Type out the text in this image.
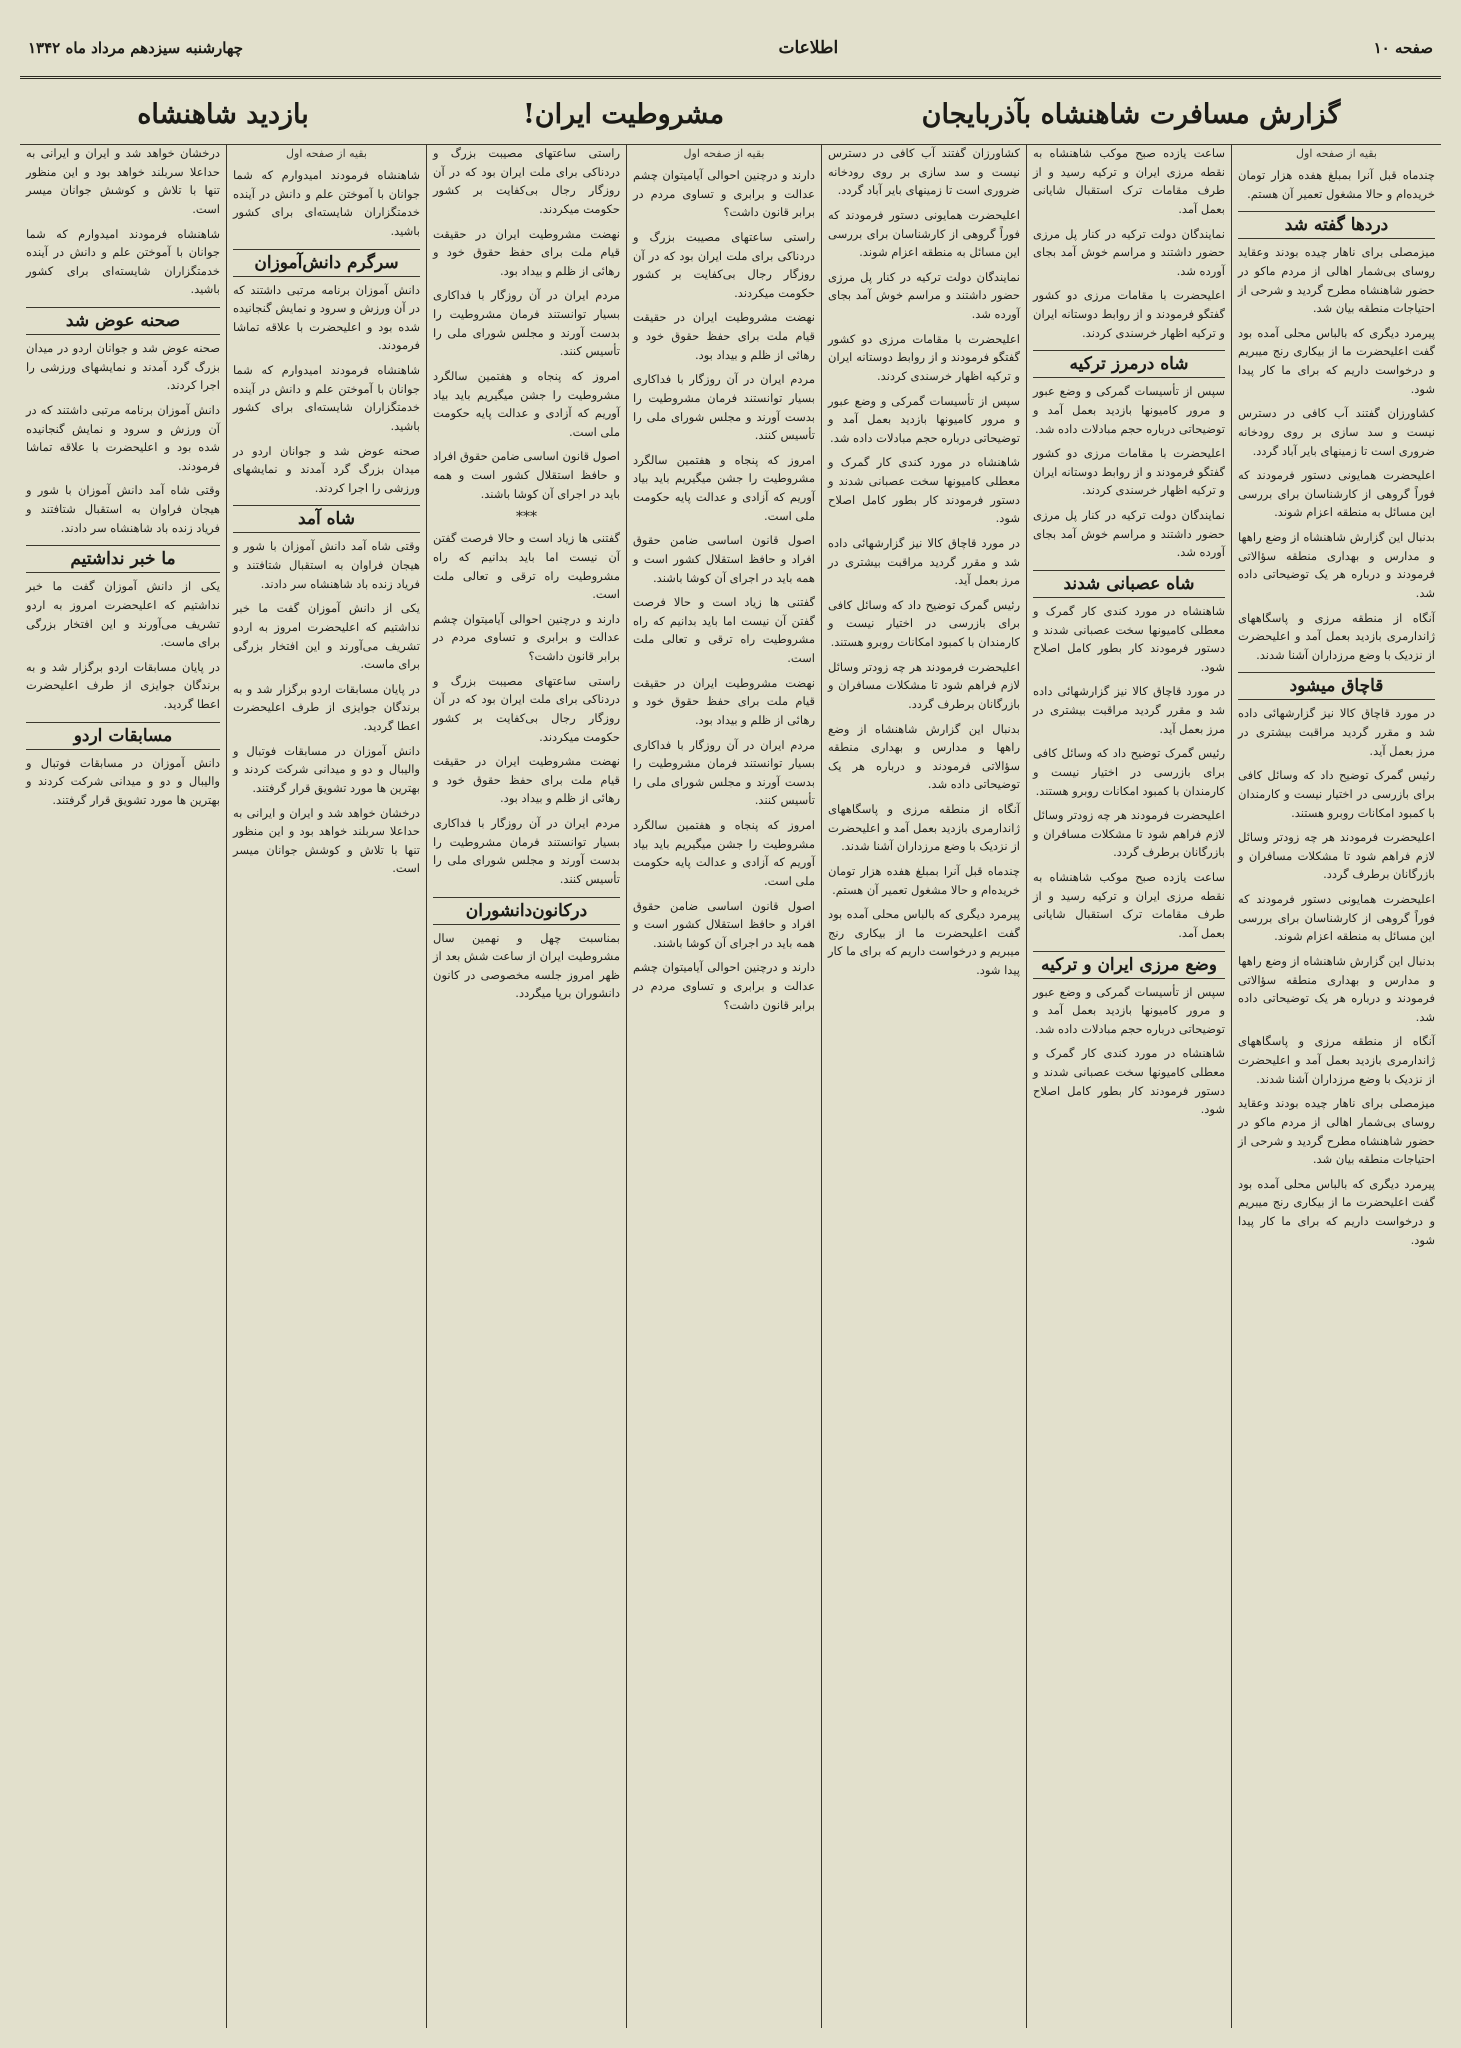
صفحه ۱۰
اطلاعات
چهارشنبه سیزدهم مرداد ماه ۱۳۴۲
بقیه از صفحه اول

چندماه قبل آنرا بمبلغ هفده هزار تومان خریده‌ام و حالا مشغول تعمیر آن هستم.

دردها گفته شد

میزمصلی برای ناهار چیده بودند وعقاید روسای بی‌شمار اهالی از مردم ماکو در حضور شاهنشاه مطرح گردید و شرحی از احتیاجات منطقه بیان شد.

پیرمرد دیگری که بالباس محلی آمده بود گفت اعلیحضرت ما از بیکاری رنج میبریم و درخواست داریم که برای ما کار پیدا شود.

کشاورزان گفتند آب کافی در دسترس نیست و سد سازی بر روی رودخانه ضروری است تا زمینهای بایر آباد گردد.

اعلیحضرت همایونی دستور فرمودند که فوراً گروهی از کارشناسان برای بررسی این مسائل به منطقه اعزام شوند.

بدنبال این گزارش شاهنشاه از وضع راهها و مدارس و بهداری منطقه سؤالاتی فرمودند و درباره هر یک توضیحاتی داده شد.

آنگاه از منطقه مرزی و پاسگاههای ژاندارمری بازدید بعمل آمد و اعلیحضرت از نزدیک با وضع مرزداران آشنا شدند.

قاچاق میشود

در مورد قاچاق کالا نیز گزارشهائی داده شد و مقرر گردید مراقبت بیشتری در مرز بعمل آید.

رئیس گمرک توضیح داد که وسائل کافی برای بازرسی در اختیار نیست و کارمندان با کمبود امکانات روبرو هستند.

اعلیحضرت فرمودند هر چه زودتر وسائل لازم فراهم شود تا مشکلات مسافران و بازرگانان برطرف گردد.

اعلیحضرت همایونی دستور فرمودند که فوراً گروهی از کارشناسان برای بررسی این مسائل به منطقه اعزام شوند.

بدنبال این گزارش شاهنشاه از وضع راهها و مدارس و بهداری منطقه سؤالاتی فرمودند و درباره هر یک توضیحاتی داده شد.

آنگاه از منطقه مرزی و پاسگاههای ژاندارمری بازدید بعمل آمد و اعلیحضرت از نزدیک با وضع مرزداران آشنا شدند.

میزمصلی برای ناهار چیده بودند وعقاید روسای بی‌شمار اهالی از مردم ماکو در حضور شاهنشاه مطرح گردید و شرحی از احتیاجات منطقه بیان شد.

پیرمرد دیگری که بالباس محلی آمده بود گفت اعلیحضرت ما از بیکاری رنج میبریم و درخواست داریم که برای ما کار پیدا شود.

ساعت یازده صبح موکب شاهنشاه به نقطه مرزی ایران و ترکیه رسید و از طرف مقامات ترک استقبال شایانی بعمل آمد.

نمایندگان دولت ترکیه در کنار پل مرزی حضور داشتند و مراسم خوش آمد بجای آورده شد.

اعلیحضرت با مقامات مرزی دو کشور گفتگو فرمودند و از روابط دوستانه ایران و ترکیه اظهار خرسندی کردند.

شاه درمرز ترکیه

سپس از تأسیسات گمرکی و وضع عبور و مرور کامیونها بازدید بعمل آمد و توضیحاتی درباره حجم مبادلات داده شد.

اعلیحضرت با مقامات مرزی دو کشور گفتگو فرمودند و از روابط دوستانه ایران و ترکیه اظهار خرسندی کردند.

نمایندگان دولت ترکیه در کنار پل مرزی حضور داشتند و مراسم خوش آمد بجای آورده شد.

شاه عصبانی شدند

شاهنشاه در مورد کندی کار گمرک و معطلی کامیونها سخت عصبانی شدند و دستور فرمودند کار بطور کامل اصلاح شود.

در مورد قاچاق کالا نیز گزارشهائی داده شد و مقرر گردید مراقبت بیشتری در مرز بعمل آید.

رئیس گمرک توضیح داد که وسائل کافی برای بازرسی در اختیار نیست و کارمندان با کمبود امکانات روبرو هستند.

اعلیحضرت فرمودند هر چه زودتر وسائل لازم فراهم شود تا مشکلات مسافران و بازرگانان برطرف گردد.

ساعت یازده صبح موکب شاهنشاه به نقطه مرزی ایران و ترکیه رسید و از طرف مقامات ترک استقبال شایانی بعمل آمد.

وضع مرزی ایران و ترکیه

سپس از تأسیسات گمرکی و وضع عبور و مرور کامیونها بازدید بعمل آمد و توضیحاتی درباره حجم مبادلات داده شد.

شاهنشاه در مورد کندی کار گمرک و معطلی کامیونها سخت عصبانی شدند و دستور فرمودند کار بطور کامل اصلاح شود.

کشاورزان گفتند آب کافی در دسترس نیست و سد سازی بر روی رودخانه ضروری است تا زمینهای بایر آباد گردد.

اعلیحضرت همایونی دستور فرمودند که فوراً گروهی از کارشناسان برای بررسی این مسائل به منطقه اعزام شوند.

نمایندگان دولت ترکیه در کنار پل مرزی حضور داشتند و مراسم خوش آمد بجای آورده شد.

اعلیحضرت با مقامات مرزی دو کشور گفتگو فرمودند و از روابط دوستانه ایران و ترکیه اظهار خرسندی کردند.

سپس از تأسیسات گمرکی و وضع عبور و مرور کامیونها بازدید بعمل آمد و توضیحاتی درباره حجم مبادلات داده شد.

شاهنشاه در مورد کندی کار گمرک و معطلی کامیونها سخت عصبانی شدند و دستور فرمودند کار بطور کامل اصلاح شود.

در مورد قاچاق کالا نیز گزارشهائی داده شد و مقرر گردید مراقبت بیشتری در مرز بعمل آید.

رئیس گمرک توضیح داد که وسائل کافی برای بازرسی در اختیار نیست و کارمندان با کمبود امکانات روبرو هستند.

اعلیحضرت فرمودند هر چه زودتر وسائل لازم فراهم شود تا مشکلات مسافران و بازرگانان برطرف گردد.

بدنبال این گزارش شاهنشاه از وضع راهها و مدارس و بهداری منطقه سؤالاتی فرمودند و درباره هر یک توضیحاتی داده شد.

آنگاه از منطقه مرزی و پاسگاههای ژاندارمری بازدید بعمل آمد و اعلیحضرت از نزدیک با وضع مرزداران آشنا شدند.

چندماه قبل آنرا بمبلغ هفده هزار تومان خریده‌ام و حالا مشغول تعمیر آن هستم.

پیرمرد دیگری که بالباس محلی آمده بود گفت اعلیحضرت ما از بیکاری رنج میبریم و درخواست داریم که برای ما کار پیدا شود.

بقیه از صفحه اول

دارند و درچنین احوالی آیامیتوان چشم عدالت و برابری و تساوی مردم در برابر قانون داشت؟

راستی ساعتهای مصیبت بزرگ و دردناکی برای ملت ایران بود که در آن روزگار رجال بی‌کفایت بر کشور حکومت میکردند.

نهضت مشروطیت ایران در حقیقت قیام ملت برای حفظ حقوق خود و رهائی از ظلم و بیداد بود.

مردم ایران در آن روزگار با فداکاری بسیار توانستند فرمان مشروطیت را بدست آورند و مجلس شورای ملی را تأسیس کنند.

امروز که پنجاه و هفتمین سالگرد مشروطیت را جشن میگیریم باید بیاد آوریم که آزادی و عدالت پایه حکومت ملی است.

اصول قانون اساسی ضامن حقوق افراد و حافظ استقلال کشور است و همه باید در اجرای آن کوشا باشند.

گفتنی ها زیاد است و حالا فرصت گفتن آن نیست اما باید بدانیم که راه مشروطیت راه ترقی و تعالی ملت است.

نهضت مشروطیت ایران در حقیقت قیام ملت برای حفظ حقوق خود و رهائی از ظلم و بیداد بود.

مردم ایران در آن روزگار با فداکاری بسیار توانستند فرمان مشروطیت را بدست آورند و مجلس شورای ملی را تأسیس کنند.

امروز که پنجاه و هفتمین سالگرد مشروطیت را جشن میگیریم باید بیاد آوریم که آزادی و عدالت پایه حکومت ملی است.

اصول قانون اساسی ضامن حقوق افراد و حافظ استقلال کشور است و همه باید در اجرای آن کوشا باشند.

دارند و درچنین احوالی آیامیتوان چشم عدالت و برابری و تساوی مردم در برابر قانون داشت؟

راستی ساعتهای مصیبت بزرگ و دردناکی برای ملت ایران بود که در آن روزگار رجال بی‌کفایت بر کشور حکومت میکردند.

نهضت مشروطیت ایران در حقیقت قیام ملت برای حفظ حقوق خود و رهائی از ظلم و بیداد بود.

مردم ایران در آن روزگار با فداکاری بسیار توانستند فرمان مشروطیت را بدست آورند و مجلس شورای ملی را تأسیس کنند.

امروز که پنجاه و هفتمین سالگرد مشروطیت را جشن میگیریم باید بیاد آوریم که آزادی و عدالت پایه حکومت ملی است.

اصول قانون اساسی ضامن حقوق افراد و حافظ استقلال کشور است و همه باید در اجرای آن کوشا باشند.

***

گفتنی ها زیاد است و حالا فرصت گفتن آن نیست اما باید بدانیم که راه مشروطیت راه ترقی و تعالی ملت است.

دارند و درچنین احوالی آیامیتوان چشم عدالت و برابری و تساوی مردم در برابر قانون داشت؟

راستی ساعتهای مصیبت بزرگ و دردناکی برای ملت ایران بود که در آن روزگار رجال بی‌کفایت بر کشور حکومت میکردند.

نهضت مشروطیت ایران در حقیقت قیام ملت برای حفظ حقوق خود و رهائی از ظلم و بیداد بود.

مردم ایران در آن روزگار با فداکاری بسیار توانستند فرمان مشروطیت را بدست آورند و مجلس شورای ملی را تأسیس کنند.

درکانون‌دانشوران

بمناسبت چهل و نهمین سال مشروطیت ایران از ساعت شش بعد از ظهر امروز جلسه مخصوصی در کانون دانشوران برپا میگردد.

بقیه از صفحه اول

شاهنشاه فرمودند امیدوارم که شما جوانان با آموختن علم و دانش در آینده خدمتگزاران شایسته‌ای برای کشور باشید.

سرگرم دانش‌آموزان

دانش آموزان برنامه مرتبی داشتند که در آن ورزش و سرود و نمایش گنجانیده شده بود و اعلیحضرت با علاقه تماشا فرمودند.

شاهنشاه فرمودند امیدوارم که شما جوانان با آموختن علم و دانش در آینده خدمتگزاران شایسته‌ای برای کشور باشید.

صحنه عوض شد و جوانان اردو در میدان بزرگ گرد آمدند و نمایشهای ورزشی را اجرا کردند.

شاه آمد

وقتی شاه آمد دانش آموزان با شور و هیجان فراوان به استقبال شتافتند و فریاد زنده باد شاهنشاه سر دادند.

یکی از دانش آموزان گفت ما خبر نداشتیم که اعلیحضرت امروز به اردو تشریف می‌آورند و این افتخار بزرگی برای ماست.

در پایان مسابقات اردو برگزار شد و به برندگان جوایزی از طرف اعلیحضرت اعطا گردید.

دانش آموزان در مسابقات فوتبال و والیبال و دو و میدانی شرکت کردند و بهترین ها مورد تشویق قرار گرفتند.

درخشان خواهد شد و ایران و ایرانی به حداعلا سربلند خواهد بود و این منظور تنها با تلاش و کوشش جوانان میسر است.

درخشان خواهد شد و ایران و ایرانی به حداعلا سربلند خواهد بود و این منظور تنها با تلاش و کوشش جوانان میسر است.

شاهنشاه فرمودند امیدوارم که شما جوانان با آموختن علم و دانش در آینده خدمتگزاران شایسته‌ای برای کشور باشید.

صحنه عوض شد

صحنه عوض شد و جوانان اردو در میدان بزرگ گرد آمدند و نمایشهای ورزشی را اجرا کردند.

دانش آموزان برنامه مرتبی داشتند که در آن ورزش و سرود و نمایش گنجانیده شده بود و اعلیحضرت با علاقه تماشا فرمودند.

وقتی شاه آمد دانش آموزان با شور و هیجان فراوان به استقبال شتافتند و فریاد زنده باد شاهنشاه سر دادند.

ما خبر نداشتیم

یکی از دانش آموزان گفت ما خبر نداشتیم که اعلیحضرت امروز به اردو تشریف می‌آورند و این افتخار بزرگی برای ماست.

در پایان مسابقات اردو برگزار شد و به برندگان جوایزی از طرف اعلیحضرت اعطا گردید.

مسابقات اردو

دانش آموزان در مسابقات فوتبال و والیبال و دو و میدانی شرکت کردند و بهترین ها مورد تشویق قرار گرفتند.

گزارش مسافرت شاهنشاه بآذربایجان
مشروطیت ایران!
بازدید شاهنشاه
